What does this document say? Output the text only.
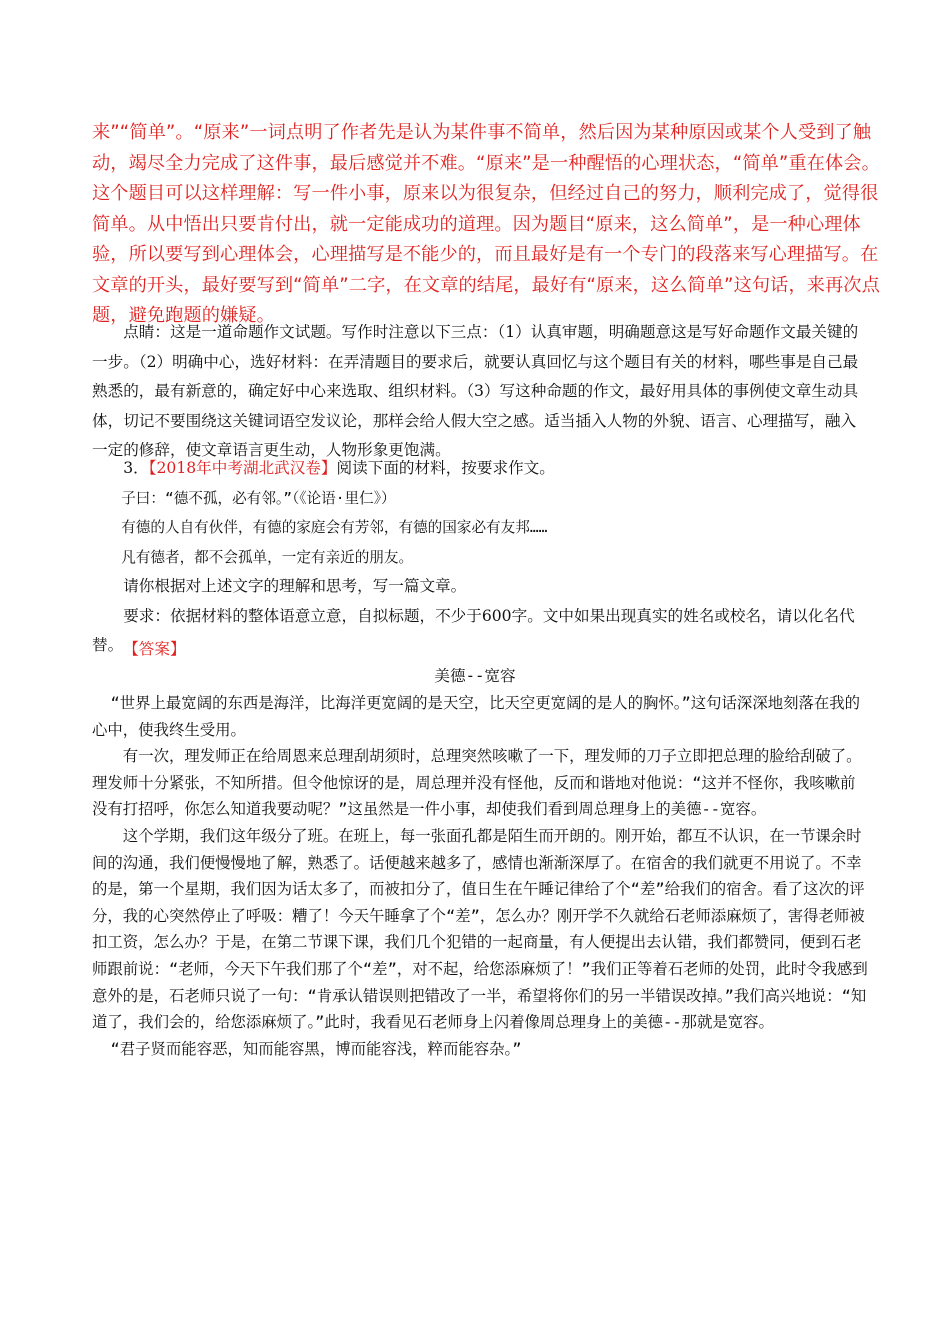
来”“简单”。“原来”一词点明了作者先是认为某件事不简单，然后因为某种原因或某个人受到了触动，竭尽全力完成了这件事，最后感觉并不难。“原来”是一种醒悟的心理状态，“简单”重在体会。这个题目可以这样理解：写一件小事，原来以为很复杂，但经过自己的努力，顺利完成了，觉得很简单。从中悟出只要肯付出，就一定能成功的道理。因为题目“原来，这么简单”，是一种心理体验，所以要写到心理体会，心理描写是不能少的，而且最好是有一个专门的段落来写心理描写。在文章的开头，最好要写到“简单”二字，在文章的结尾，最好有“原来，这么简单”这句话，来再次点题，避免跑题的嫌疑。

点睛：这是一道命题作文试题。写作时注意以下三点：（1）认真审题，明确题意这是写好命题作文最关键的一步。（2）明确中心，选好材料：在弄清题目的要求后，就要认真回忆与这个题目有关的材料，哪些事是自己最熟悉的，最有新意的，确定好中心来选取、组织材料。（3）写这种命题的作文，最好用具体的事例使文章生动具体，切记不要围绕这关键词语空发议论，那样会给人假大空之感。适当插入人物的外貌、语言、心理描写，融入一定的修辞，使文章语言更生动，人物形象更饱满。

3．【2018年中考湖北武汉卷】阅读下面的材料，按要求作文。

子曰：“德不孤，必有邻。”（《论语·里仁》）

有德的人自有伙伴，有德的家庭会有芳邻，有德的国家必有友邦……

凡有德者，都不会孤单，一定有亲近的朋友。

请你根据对上述文字的理解和思考，写一篇文章。

要求：依据材料的整体语意立意，自拟标题，不少于600字。文中如果出现真实的姓名或校名，请以化名代替。 【答案】

美德--宽容

“世界上最宽阔的东西是海洋，比海洋更宽阔的是天空，比天空更宽阔的是人的胸怀。”这句话深深地刻落在我的心中，使我终生受用。

有一次，理发师正在给周恩来总理刮胡须时，总理突然咳嗽了一下，理发师的刀子立即把总理的脸给刮破了。理发师十分紧张，不知所措。但令他惊讶的是，周总理并没有怪他，反而和谐地对他说：“这并不怪你，我咳嗽前没有打招呼，你怎么知道我要动呢？”这虽然是一件小事，却使我们看到周总理身上的美德--宽容。

这个学期，我们这年级分了班。在班上，每一张面孔都是陌生而开朗的。刚开始，都互不认识，在一节课余时间的沟通，我们便慢慢地了解，熟悉了。话便越来越多了，感情也渐渐深厚了。在宿舍的我们就更不用说了。不幸的是，第一个星期，我们因为话太多了，而被扣分了，值日生在午睡记律给了个“差”给我们的宿舍。看了这次的评分，我的心突然停止了呼吸：糟了！今天午睡拿了个“差”，怎么办？刚开学不久就给石老师添麻烦了，害得老师被扣工资，怎么办？于是，在第二节课下课，我们几个犯错的一起商量，有人便提出去认错，我们都赞同，便到石老师跟前说：“老师，今天下午我们那了个“差”，对不起，给您添麻烦了！”我们正等着石老师的处罚，此时令我感到意外的是，石老师只说了一句：“肯承认错误则把错改了一半，希望将你们的另一半错误改掉。”我们高兴地说：“知道了，我们会的，给您添麻烦了。”此时，我看见石老师身上闪着像周总理身上的美德--那就是宽容。

“君子贤而能容恶，知而能容黑，博而能容浅，粹而能容杂。”
